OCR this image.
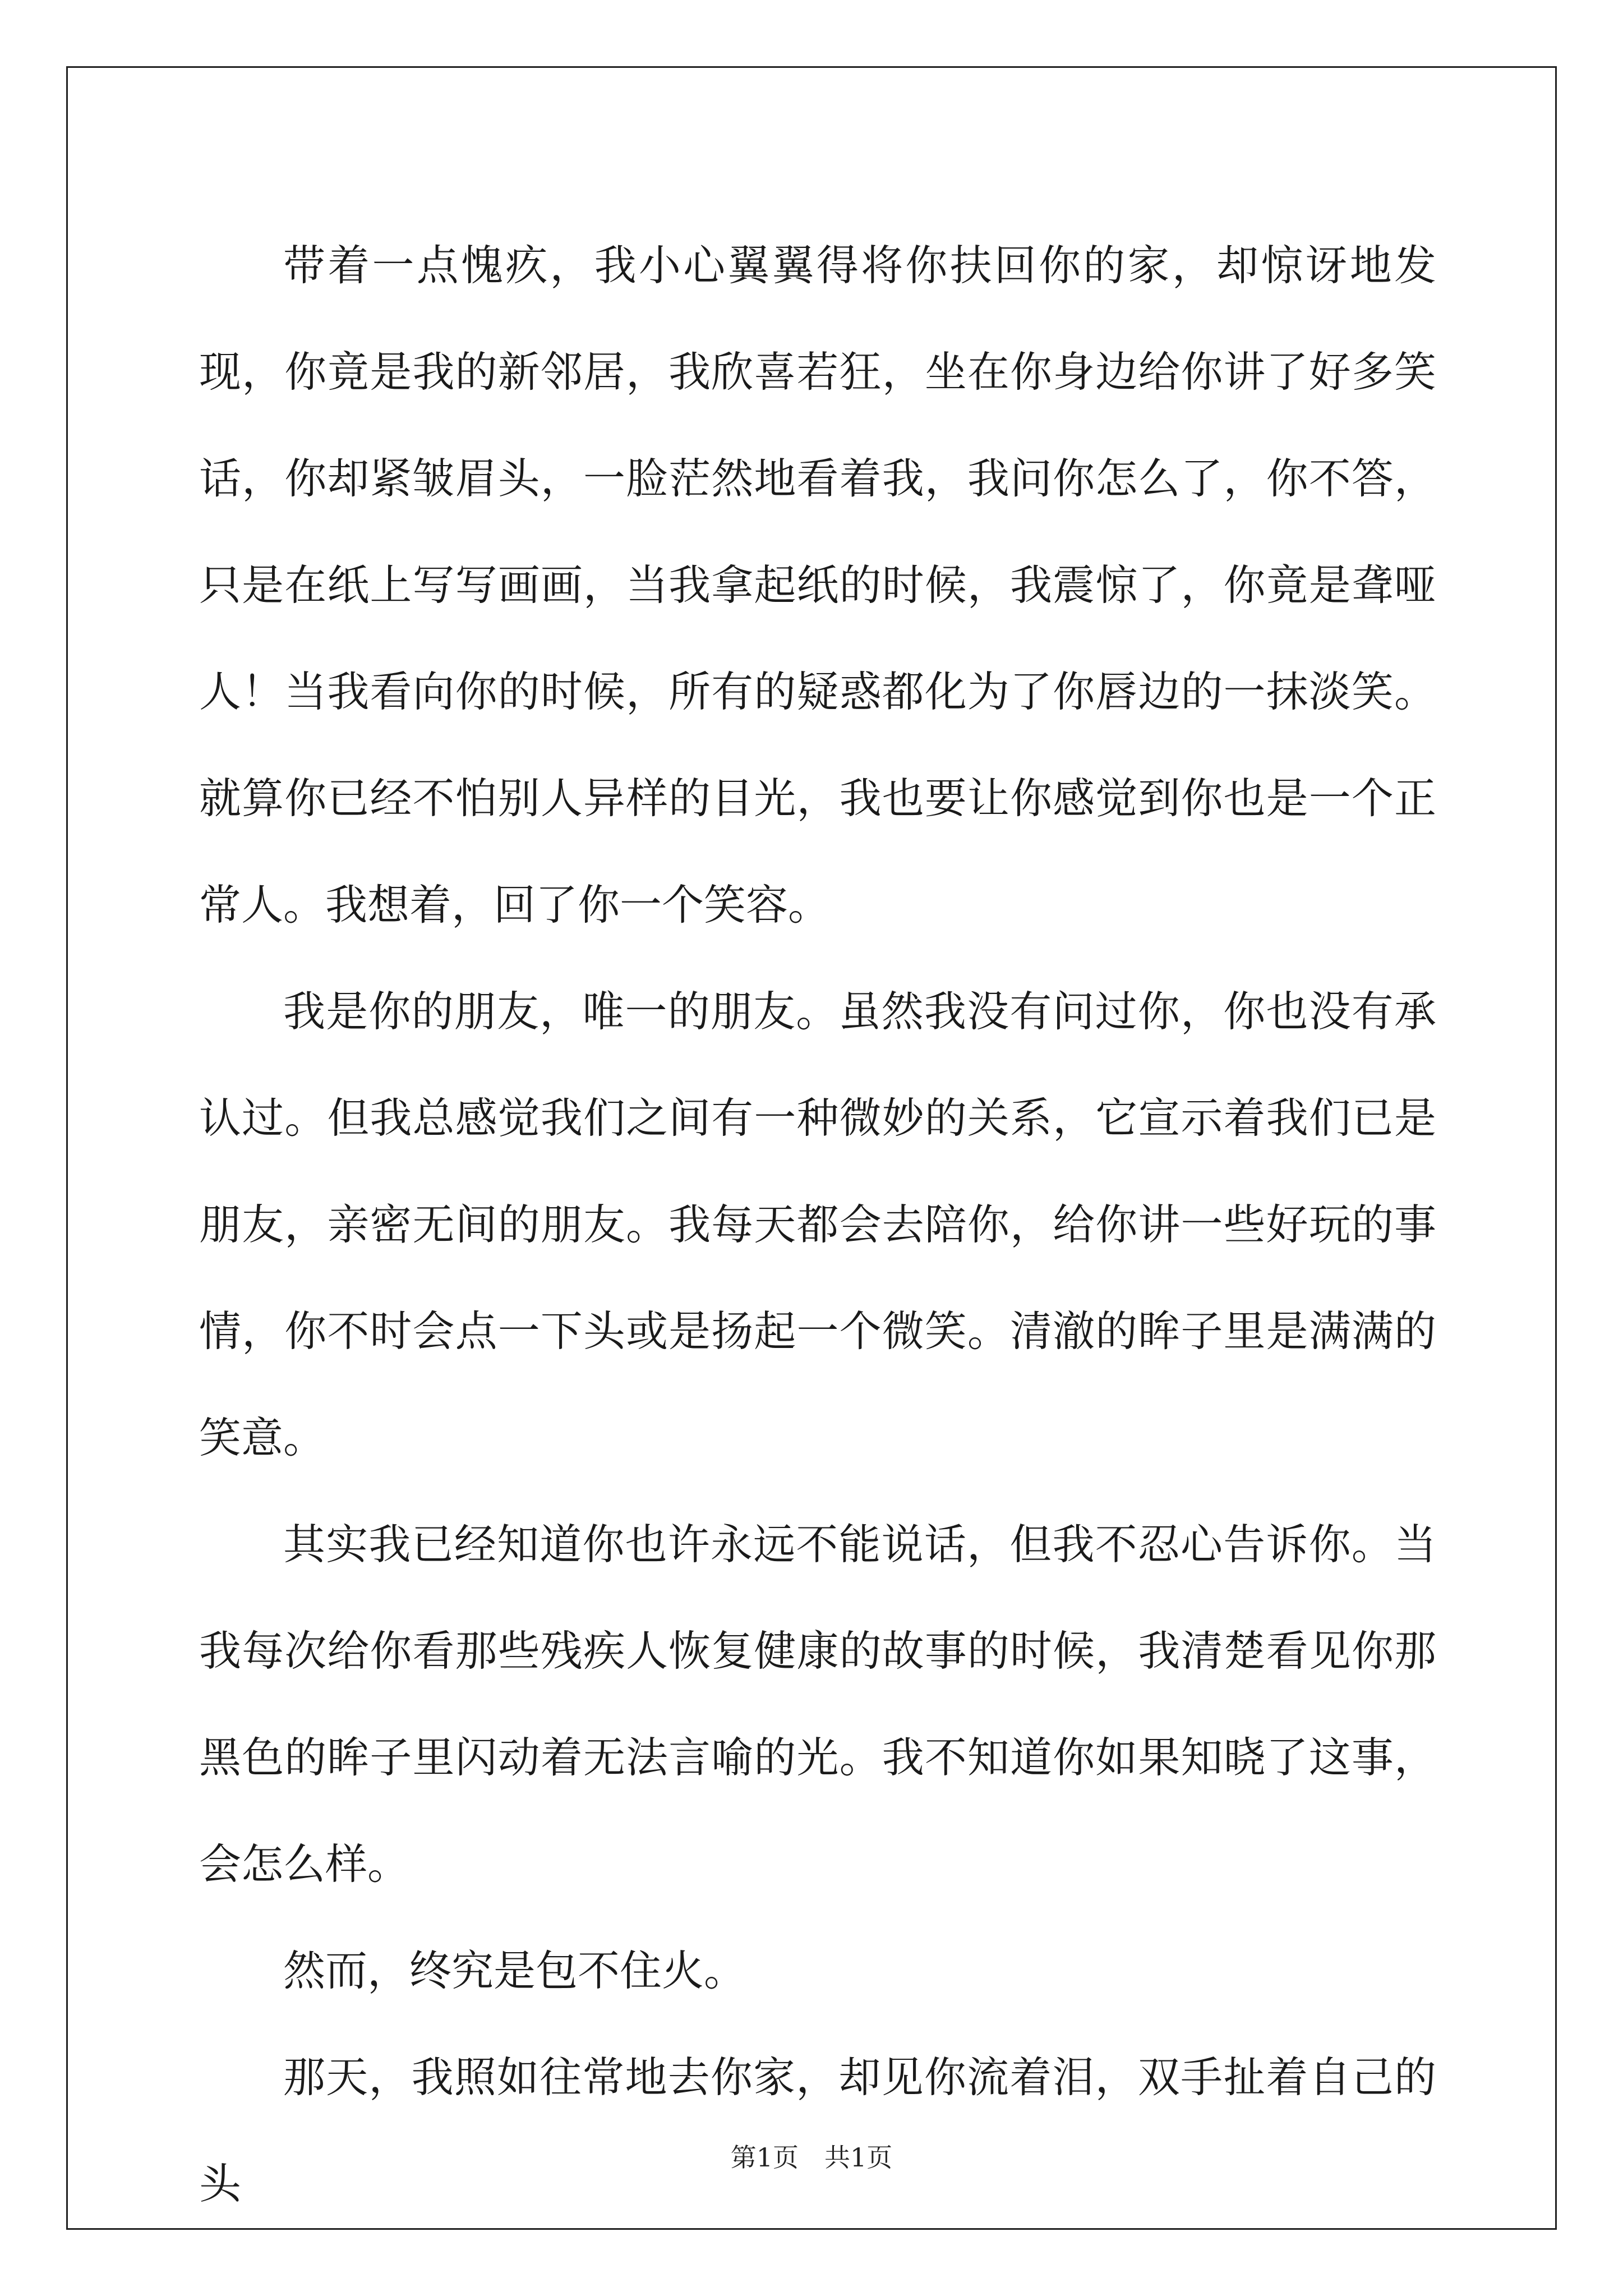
带着一点愧疚，我小心翼翼得将你扶回你的家，却惊讶地发现，你竟是我的新邻居，我欣喜若狂，坐在你身边给你讲了好多笑话，你却紧皱眉头，一脸茫然地看着我，我问你怎么了，你不答，只是在纸上写写画画，当我拿起纸的时候，我震惊了，你竟是聋哑人！当我看向你的时候，所有的疑惑都化为了你唇边的一抹淡笑。就算你已经不怕别人异样的目光，我也要让你感觉到你也是一个正常人。我想着，回了你一个笑容。

我是你的朋友，唯一的朋友。虽然我没有问过你，你也没有承认过。但我总感觉我们之间有一种微妙的关系，它宣示着我们已是朋友，亲密无间的朋友。我每天都会去陪你，给你讲一些好玩的事情，你不时会点一下头或是扬起一个微笑。清澈的眸子里是满满的笑意。

其实我已经知道你也许永远不能说话，但我不忍心告诉你。当我每次给你看那些残疾人恢复健康的故事的时候，我清楚看见你那黑色的眸子里闪动着无法言喻的光。我不知道你如果知晓了这事，会怎么样。

然而，终究是包不住火。

那天，我照如往常地去你家，却见你流着泪，双手扯着自己的头

第1页　共1页
